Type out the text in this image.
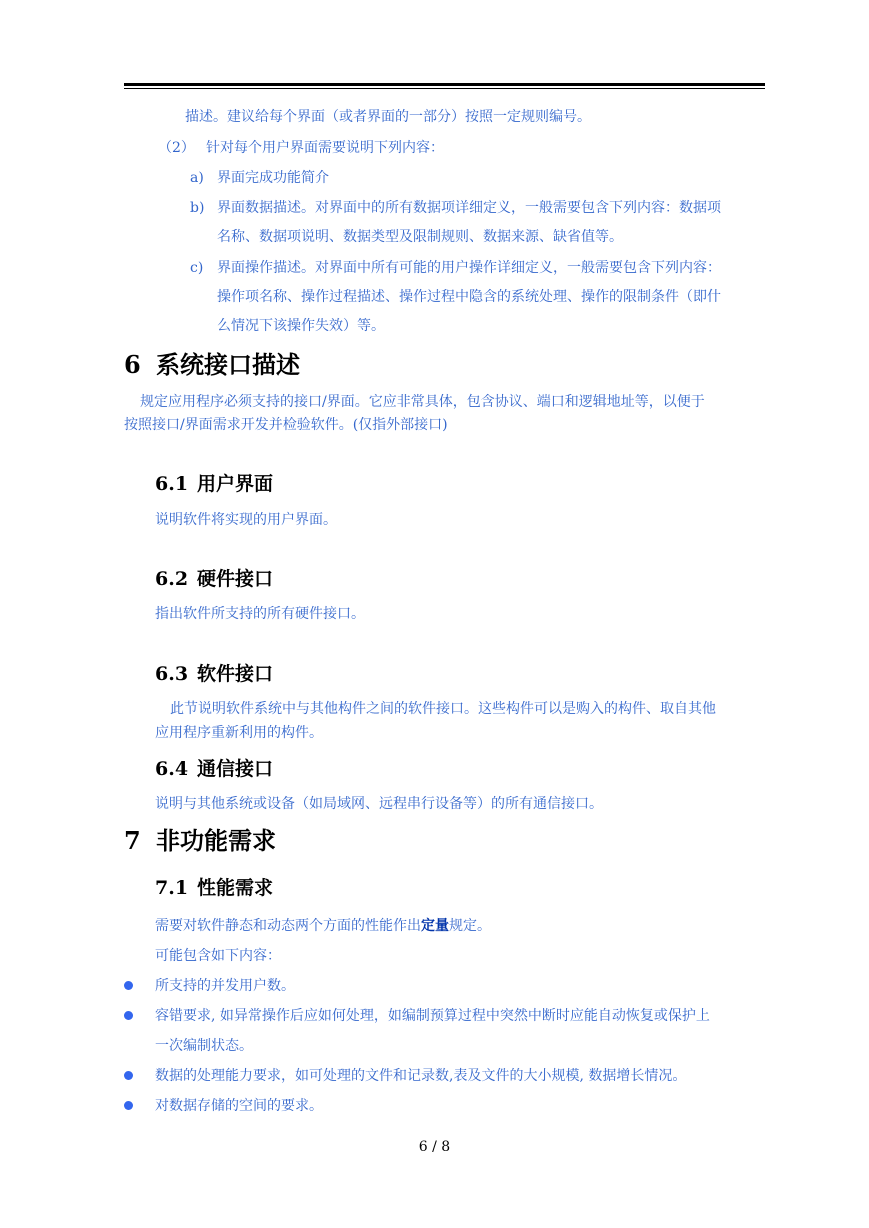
描述。建议给每个界面（或者界面的一部分）按照一定规则编号。
（2） 针对每个用户界面需要说明下列内容：
a) 界面完成功能简介
b) 界面数据描述。对界面中的所有数据项详细定义，一般需要包含下列内容：数据项
名称、数据项说明、数据类型及限制规则、数据来源、缺省值等。
c) 界面操作描述。对界面中所有可能的用户操作详细定义，一般需要包含下列内容：
操作项名称、操作过程描述、操作过程中隐含的系统处理、操作的限制条件（即什
么情况下该操作失效）等。
6 系统接口描述
规定应用程序必须支持的接口/界面。它应非常具体，包含协议、端口和逻辑地址等，以便于
按照接口/界面需求开发并检验软件。(仅指外部接口)
6.1 用户界面
说明软件将实现的用户界面。
6.2 硬件接口
指出软件所支持的所有硬件接口。
6.3 软件接口
此节说明软件系统中与其他构件之间的软件接口。这些构件可以是购入的构件、取自其他
应用程序重新利用的构件。
6.4 通信接口
说明与其他系统或设备（如局域网、远程串行设备等）的所有通信接口。
7 非功能需求
7.1 性能需求
需要对软件静态和动态两个方面的性能作出定量规定。
可能包含如下内容：
所支持的并发用户数。
容错要求, 如异常操作后应如何处理，如编制预算过程中突然中断时应能自动恢复或保护上
一次编制状态。
数据的处理能力要求，如可处理的文件和记录数,表及文件的大小规模, 数据增长情况。
对数据存储的空间的要求。
6 / 8
